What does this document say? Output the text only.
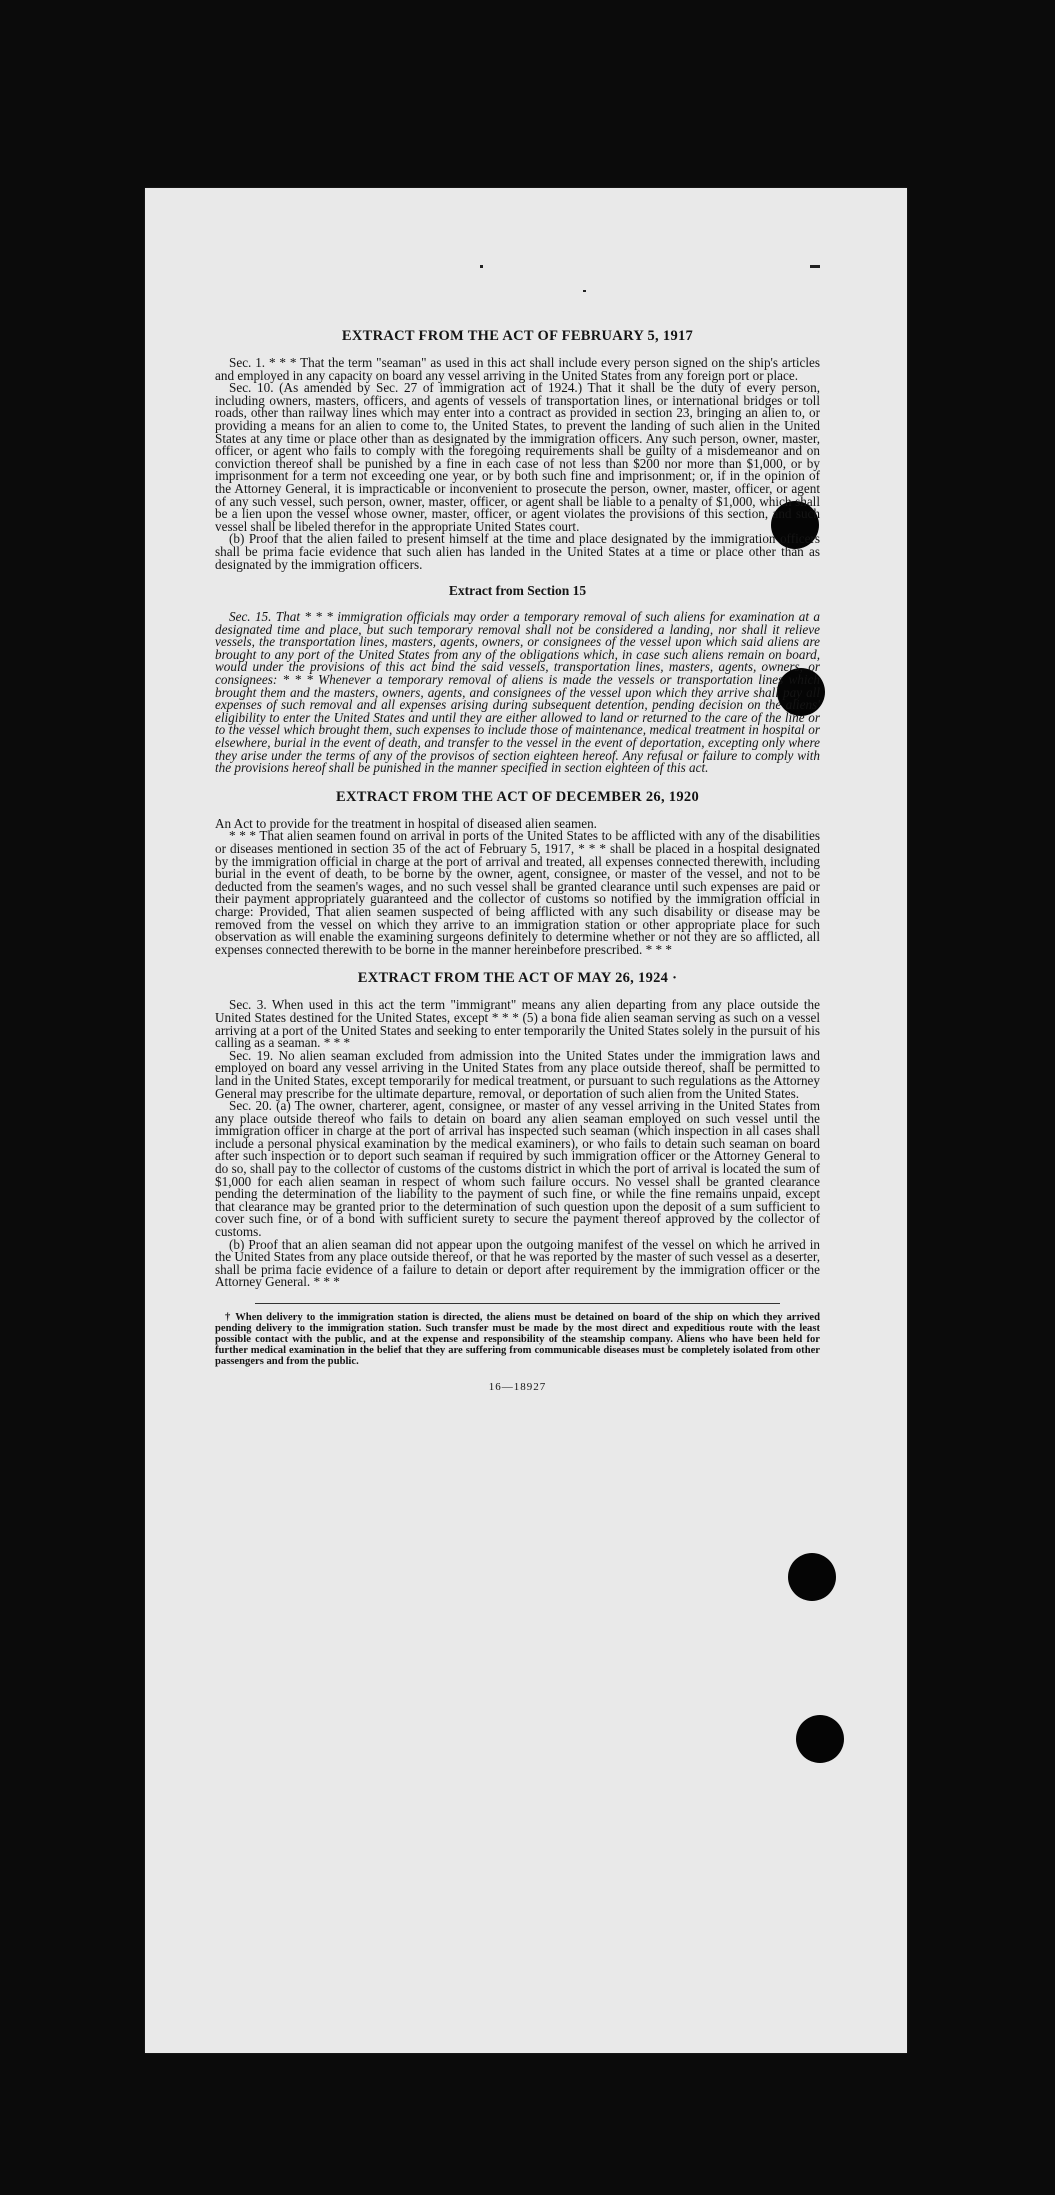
EXTRACT FROM THE ACT OF FEBRUARY 5, 1917

Sec. 1. * * * That the term "seaman" as used in this act shall include every person signed on the ship's articles and employed in any capacity on board any vessel arriving in the United States from any foreign port or place.

Sec. 10. (As amended by Sec. 27 of immigration act of 1924.) That it shall be the duty of every person, including owners, masters, officers, and agents of vessels of transportation lines, or international bridges or toll roads, other than railway lines which may enter into a contract as provided in section 23, bringing an alien to, or providing a means for an alien to come to, the United States, to prevent the landing of such alien in the United States at any time or place other than as designated by the immigration officers. Any such person, owner, master, officer, or agent who fails to comply with the foregoing requirements shall be guilty of a misdemeanor and on conviction thereof shall be punished by a fine in each case of not less than $200 nor more than $1,000, or by imprisonment for a term not exceeding one year, or by both such fine and imprisonment; or, if in the opinion of the Attorney General, it is impracticable or inconvenient to prosecute the person, owner, master, officer, or agent of any such vessel, such person, owner, master, officer, or agent shall be liable to a penalty of $1,000, which shall be a lien upon the vessel whose owner, master, officer, or agent violates the provisions of this section, and such vessel shall be libeled therefor in the appropriate United States court.

(b) Proof that the alien failed to present himself at the time and place designated by the immigration officers shall be prima facie evidence that such alien has landed in the United States at a time or place other than as designated by the immigration officers.

Extract from Section 15

Sec. 15. That * * * immigration officials may order a temporary removal of such aliens for examination at a designated time and place, but such temporary removal shall not be considered a landing, nor shall it relieve vessels, the transportation lines, masters, agents, owners, or consignees of the vessel upon which said aliens are brought to any port of the United States from any of the obligations which, in case such aliens remain on board, would under the provisions of this act bind the said vessels, transportation lines, masters, agents, owners, or consignees: * * * Whenever a temporary removal of aliens is made the vessels or transportation lines which brought them and the masters, owners, agents, and consignees of the vessel upon which they arrive shall pay all expenses of such removal and all expenses arising during subsequent detention, pending decision on the aliens' eligibility to enter the United States and until they are either allowed to land or returned to the care of the line or to the vessel which brought them, such expenses to include those of maintenance, medical treatment in hospital or elsewhere, burial in the event of death, and transfer to the vessel in the event of deportation, excepting only where they arise under the terms of any of the provisos of section eighteen hereof. Any refusal or failure to comply with the provisions hereof shall be punished in the manner specified in section eighteen of this act.

EXTRACT FROM THE ACT OF DECEMBER 26, 1920

An Act to provide for the treatment in hospital of diseased alien seamen.

* * * That alien seamen found on arrival in ports of the United States to be afflicted with any of the disabilities or diseases mentioned in section 35 of the act of February 5, 1917, * * * shall be placed in a hospital designated by the immigration official in charge at the port of arrival and treated, all expenses connected therewith, including burial in the event of death, to be borne by the owner, agent, consignee, or master of the vessel, and not to be deducted from the seamen's wages, and no such vessel shall be granted clearance until such expenses are paid or their payment appropriately guaranteed and the collector of customs so notified by the immigration official in charge: Provided, That alien seamen suspected of being afflicted with any such disability or disease may be removed from the vessel on which they arrive to an immigration station or other appropriate place for such observation as will enable the examining surgeons definitely to determine whether or not they are so afflicted, all expenses connected therewith to be borne in the manner hereinbefore prescribed. * * *

EXTRACT FROM THE ACT OF MAY 26, 1924 ·

Sec. 3. When used in this act the term "immigrant" means any alien departing from any place outside the United States destined for the United States, except * * * (5) a bona fide alien seaman serving as such on a vessel arriving at a port of the United States and seeking to enter temporarily the United States solely in the pursuit of his calling as a seaman. * * *

Sec. 19. No alien seaman excluded from admission into the United States under the immigration laws and employed on board any vessel arriving in the United States from any place outside thereof, shall be permitted to land in the United States, except temporarily for medical treatment, or pursuant to such regulations as the Attorney General may prescribe for the ultimate departure, removal, or deportation of such alien from the United States.

Sec. 20. (a) The owner, charterer, agent, consignee, or master of any vessel arriving in the United States from any place outside thereof who fails to detain on board any alien seaman employed on such vessel until the immigration officer in charge at the port of arrival has inspected such seaman (which inspection in all cases shall include a personal physical examination by the medical examiners), or who fails to detain such seaman on board after such inspection or to deport such seaman if required by such immigration officer or the Attorney General to do so, shall pay to the collector of customs of the customs district in which the port of arrival is located the sum of $1,000 for each alien seaman in respect of whom such failure occurs. No vessel shall be granted clearance pending the determination of the liability to the payment of such fine, or while the fine remains unpaid, except that clearance may be granted prior to the determination of such question upon the deposit of a sum sufficient to cover such fine, or of a bond with sufficient surety to secure the payment thereof approved by the collector of customs.

(b) Proof that an alien seaman did not appear upon the outgoing manifest of the vessel on which he arrived in the United States from any place outside thereof, or that he was reported by the master of such vessel as a deserter, shall be prima facie evidence of a failure to detain or deport after requirement by the immigration officer or the Attorney General. * * *

† When delivery to the immigration station is directed, the aliens must be detained on board of the ship on which they arrived pending delivery to the immigration station. Such transfer must be made by the most direct and expeditious route with the least possible contact with the public, and at the expense and responsibility of the steamship company. Aliens who have been held for further medical examination in the belief that they are suffering from communicable diseases must be completely isolated from other passengers and from the public.

16—18927
